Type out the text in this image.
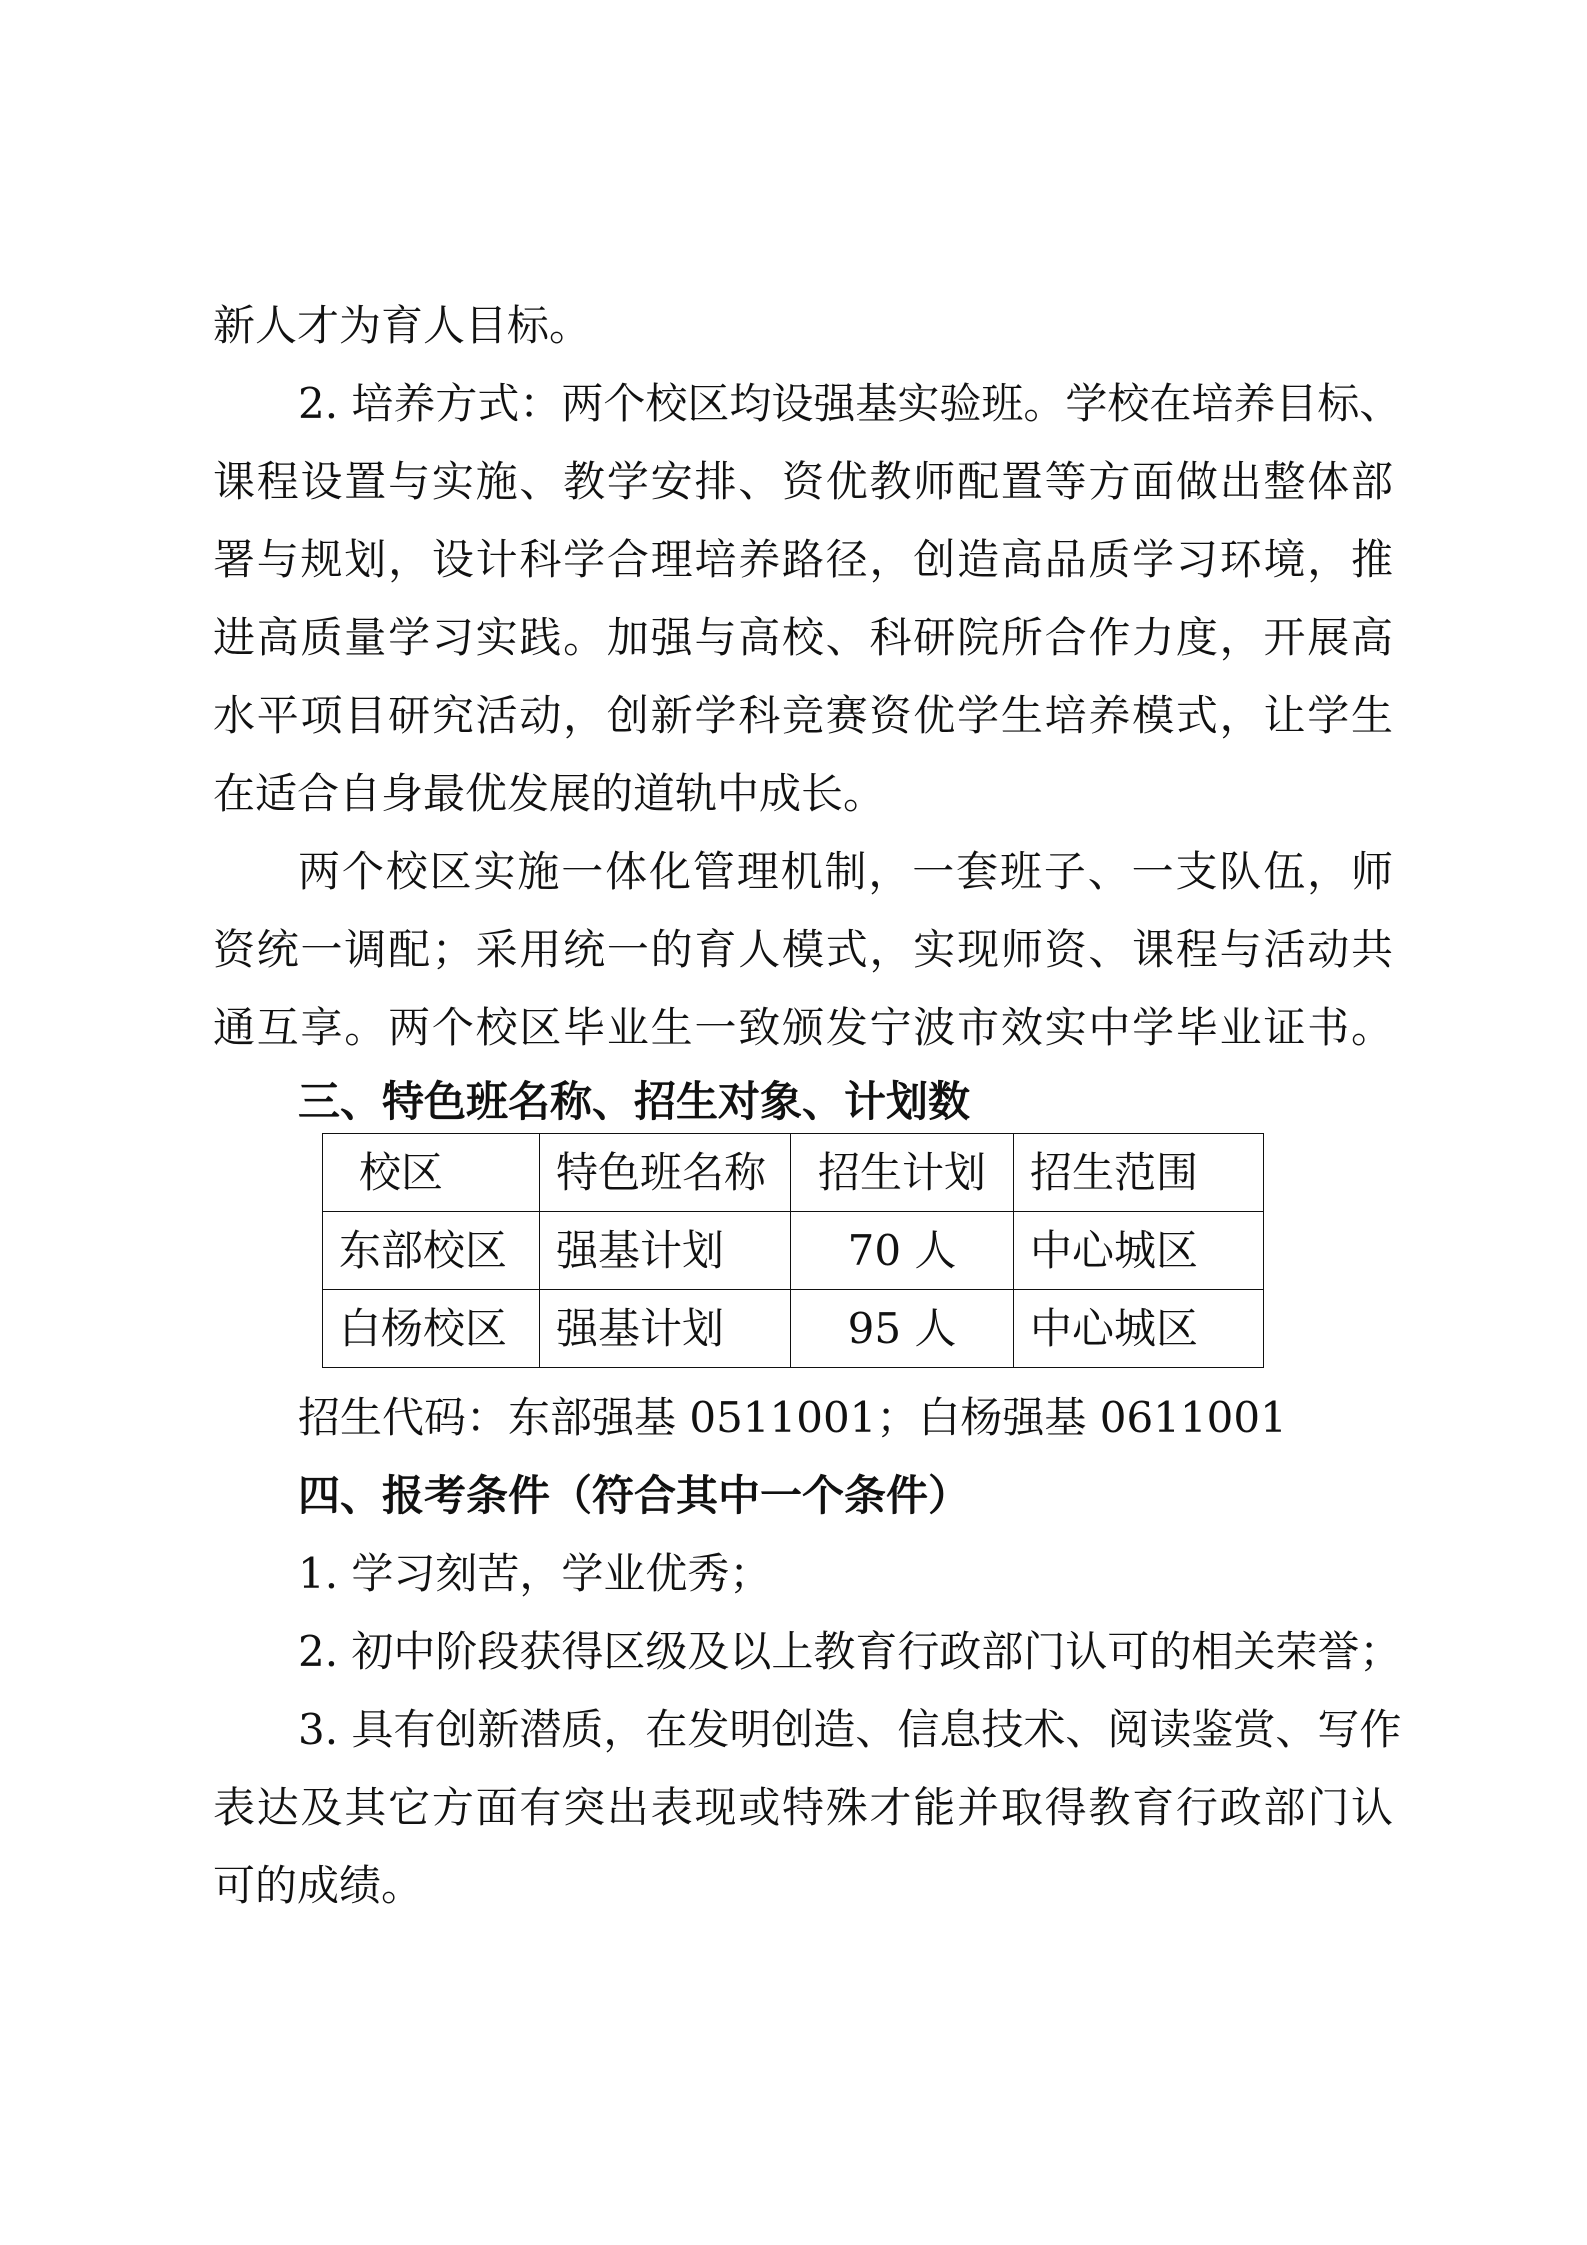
新人才为育人目标。
2. 培养方式：两个校区均设强基实验班。学校在培养目标、
课程设置与实施、教学安排、资优教师配置等方面做出整体部
署与规划，设计科学合理培养路径，创造高品质学习环境，推
进高质量学习实践。加强与高校、科研院所合作力度，开展高
水平项目研究活动，创新学科竞赛资优学生培养模式，让学生
在适合自身最优发展的道轨中成长。
两个校区实施一体化管理机制，一套班子、一支队伍，师
资统一调配；采用统一的育人模式，实现师资、课程与活动共
通互享。两个校区毕业生一致颁发宁波市效实中学毕业证书。
三、特色班名称、招生对象、计划数
校区	特色班名称	招生计划	招生范围
东部校区	强基计划	70 人	中心城区
白杨校区	强基计划	95 人	中心城区
招生代码：东部强基 0511001；白杨强基 0611001
四、报考条件（符合其中一个条件）
1. 学习刻苦，学业优秀；
2. 初中阶段获得区级及以上教育行政部门认可的相关荣誉；
3. 具有创新潜质，在发明创造、信息技术、阅读鉴赏、写作
表达及其它方面有突出表现或特殊才能并取得教育行政部门认
可的成绩。
